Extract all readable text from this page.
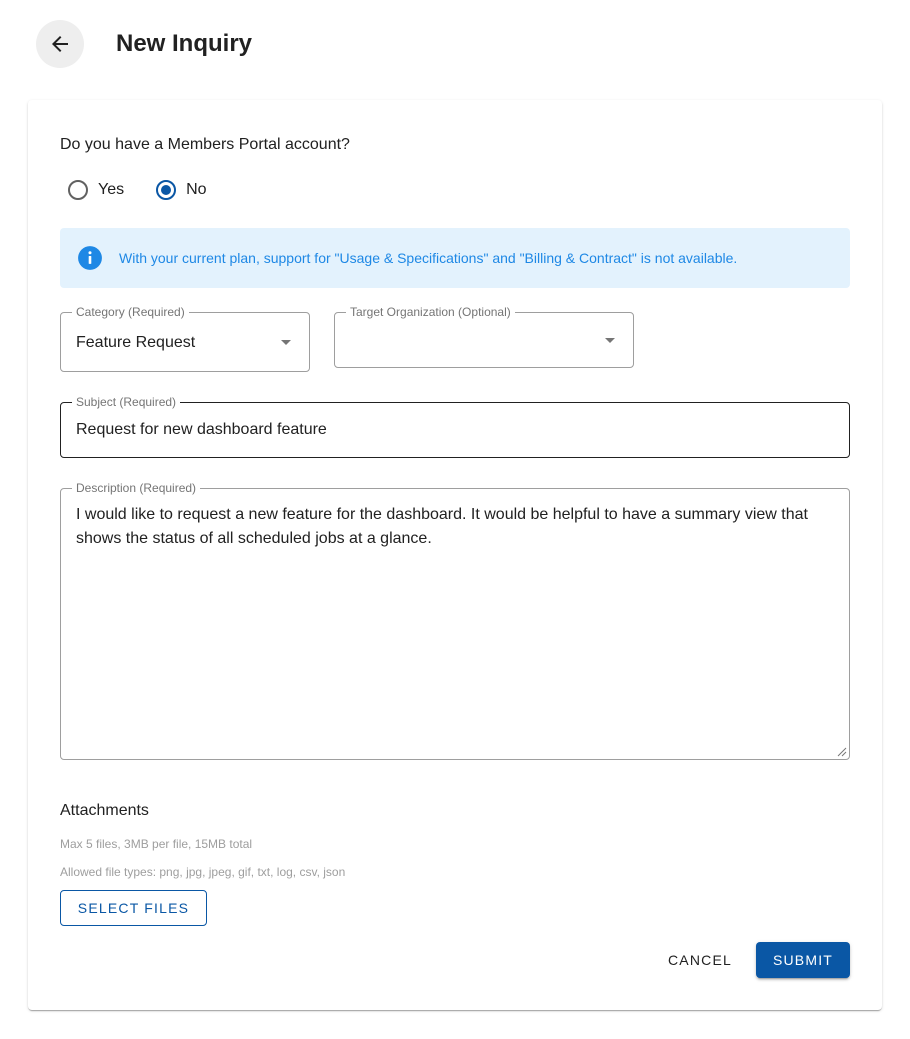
New Inquiry
Do you have a Members Portal account?
Yes	No
With your current plan, support for "Usage & Specifications" and "Billing & Contract" is not available.
Category (Required)
Feature Request
Target Organization (Optional)
Subject (Required)
Request for new dashboard feature
Description (Required)
I would like to request a new feature for the dashboard. It would be helpful to have a summary view that shows the status of all scheduled jobs at a glance.
Attachments
Max 5 files, 3MB per file, 15MB total
Allowed file types: png, jpg, jpeg, gif, txt, log, csv, json
SELECT FILES
CANCEL	SUBMIT
